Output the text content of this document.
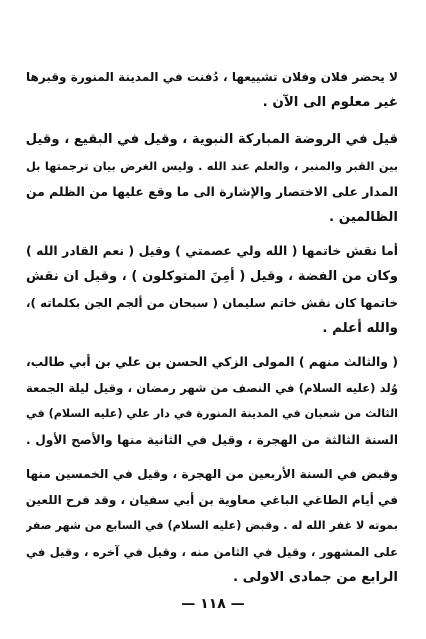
لا يحضر فلان وفلان تشييعها ، دُفنت في المدينة المنورة وقبرها
غير معلوم الى الآن .

قيل في الروضة المباركة النبوية ، وقيل في البقيع ، وقيل
بين القبر والمنبر ، والعلم عند الله . وليس الغرض بيان ترجمتها بل
المدار على الاختصار والإشارة الى ما وقع عليها من الظلم من
الظالمين .

أما نقش خاتمها ( الله ولي عصمتي ) وقيل ( نعم القادر الله )
وكان من الفضة ، وقيل ( أمِنَ المتوكلون ) ، وقيل ان نقش
خاتمها كان نقش خاتم سليمان ( سبحان من ألجم الجن بكلماته )،
والله أعلم .

( والثالث منهم ) المولى الزكي الحسن بن علي بن أبي طالب،
وُلد (عليه السلام) في النصف من شهر رمضان ، وقيل ليلة الجمعة
الثالث من شعبان في المدينة المنورة في دار علي (عليه السلام) في
السنة الثالثة من الهجرة ، وقيل في الثانية منها والأصح الأول .

وقبض في السنة الأربعين من الهجرة ، وقيل في الخمسين منها
في أيام الطاغي الباغي معاوية بن أبي سفيان ، وقد فرح اللعين
بموته لا غفر الله له . وقبض (عليه السلام) في السابع من شهر صفر
على المشهور ، وقيل في الثامن منه ، وقيل في آخره ، وقيل في
الرابع من جمادى الاولى .

— ١١٨ —
